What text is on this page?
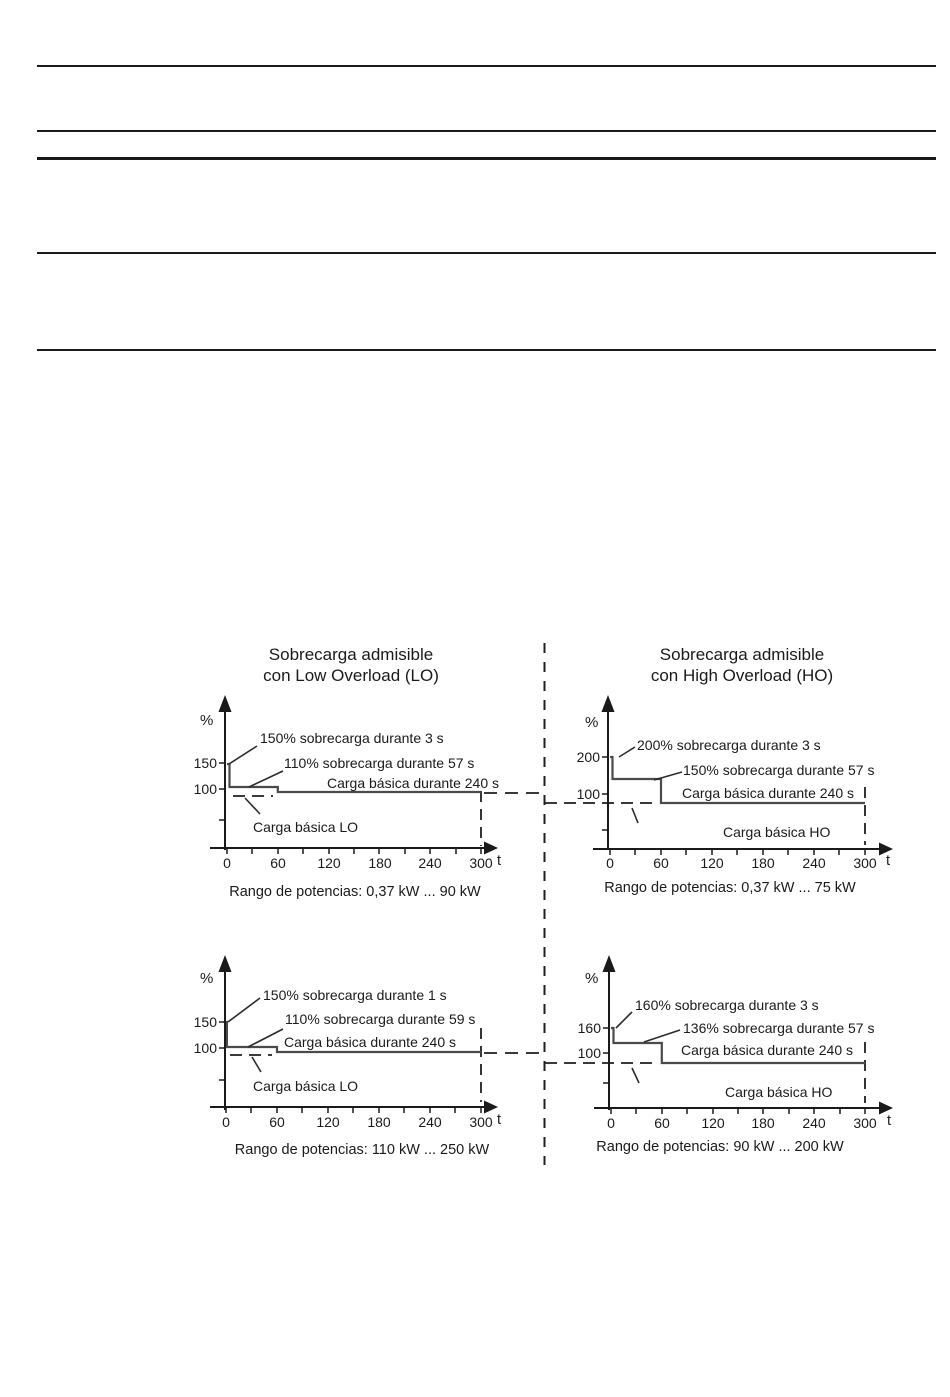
Sobrecarga admisible
con Low Overload (LO)
Sobrecarga admisible
con High Overload (HO)
%
150
100
0	60 120 180 240 300 t
150% sobrecarga durante 3 s
110% sobrecarga durante 57 s
Carga básica durante 240 s
Carga básica LO
Rango de potencias: 0,37 kW ... 90 kW
%
200
100
0	60 120 180 240 300 t
200% sobrecarga durante 3 s
150% sobrecarga durante 57 s
Carga básica durante 240 s
Carga básica HO
Rango de potencias: 0,37 kW ... 75 kW
%
150
100
0	60 120 180 240 300 t
150% sobrecarga durante 1 s
110% sobrecarga durante 59 s
Carga básica durante 240 s
Carga básica LO
Rango de potencias: 110 kW ... 250 kW
%
160
100
0	60 120 180 240 300 t
160% sobrecarga durante 3 s
136% sobrecarga durante 57 s
Carga básica durante 240 s
Carga básica HO
Rango de potencias: 90 kW ... 200 kW
